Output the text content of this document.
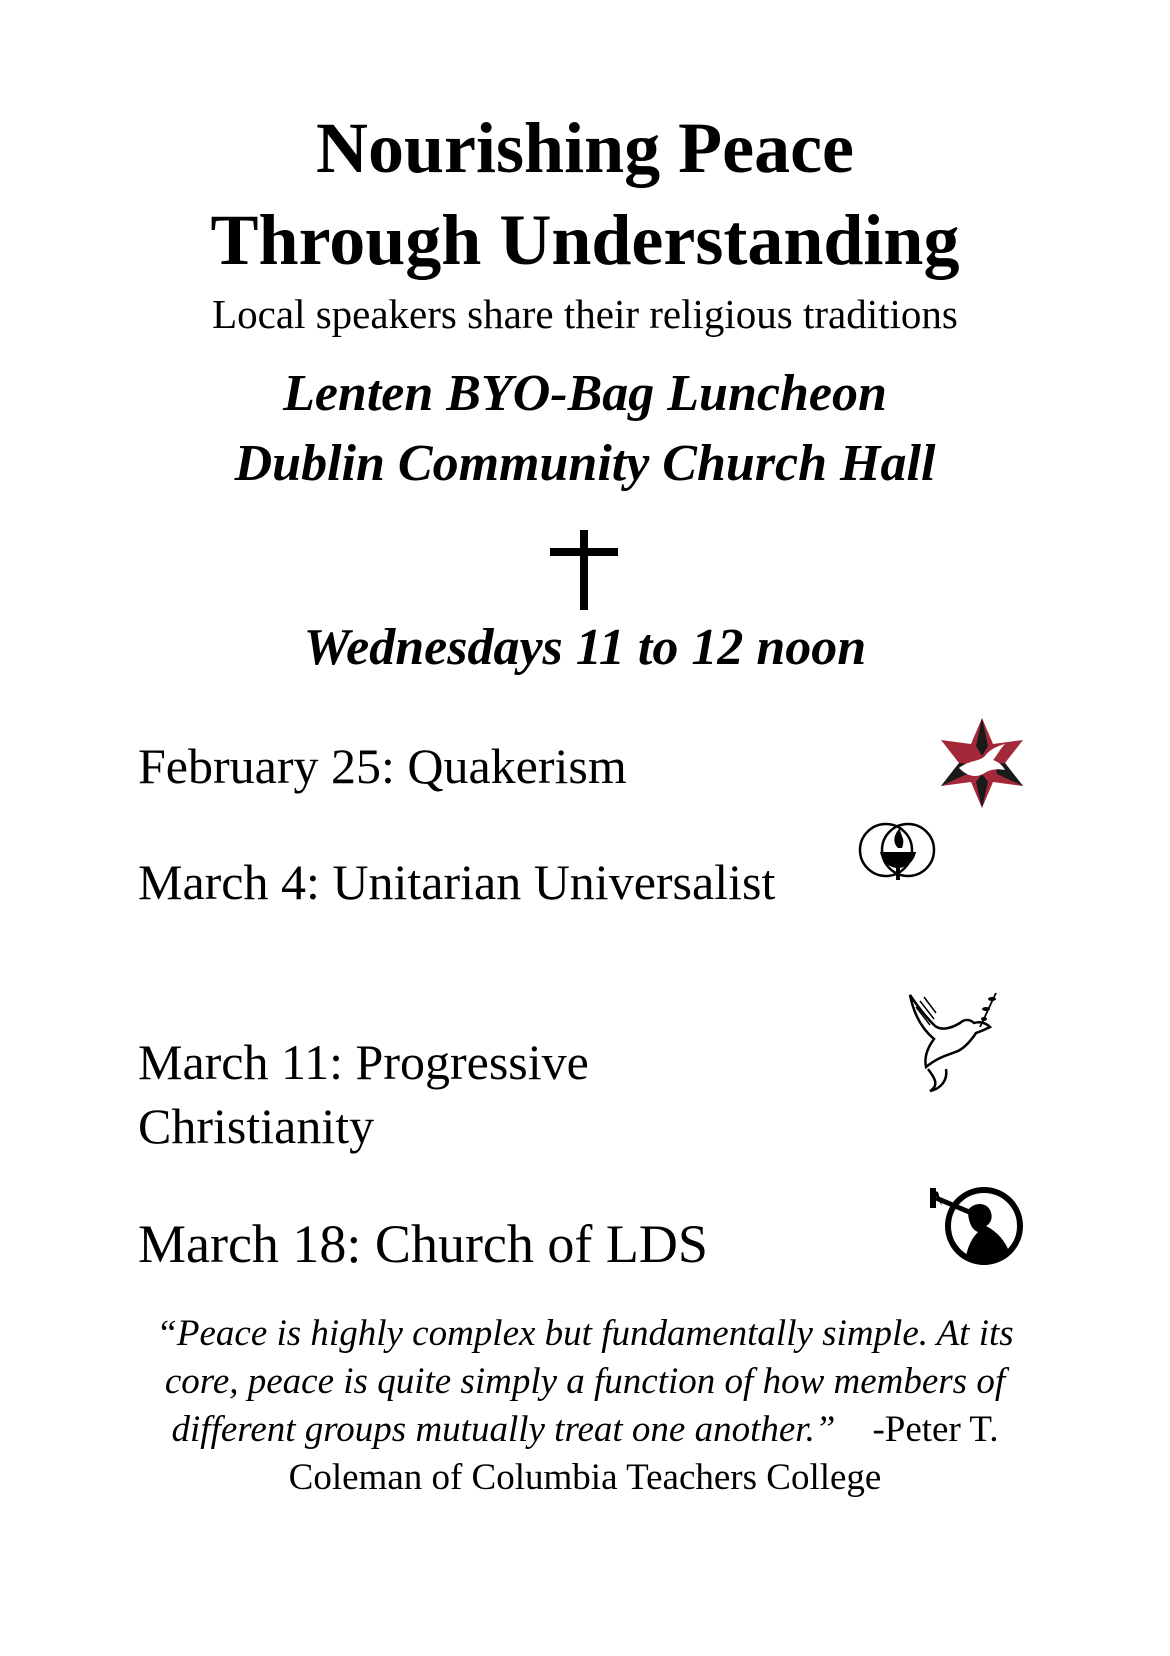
Nourishing Peace
Through Understanding
Local speakers share their religious traditions
Lenten BYO-Bag Luncheon
Dublin Community Church Hall
Wednesdays 11 to 12 noon
February 25: Quakerism
March 4: Unitarian Universalist
March 11: Progressive
Christianity
March 18: Church of LDS
“Peace is highly complex but fundamentally simple. At its core, peace is quite simply a function of how members of different groups mutually treat one another.” -Peter T. Coleman of Columbia Teachers College
